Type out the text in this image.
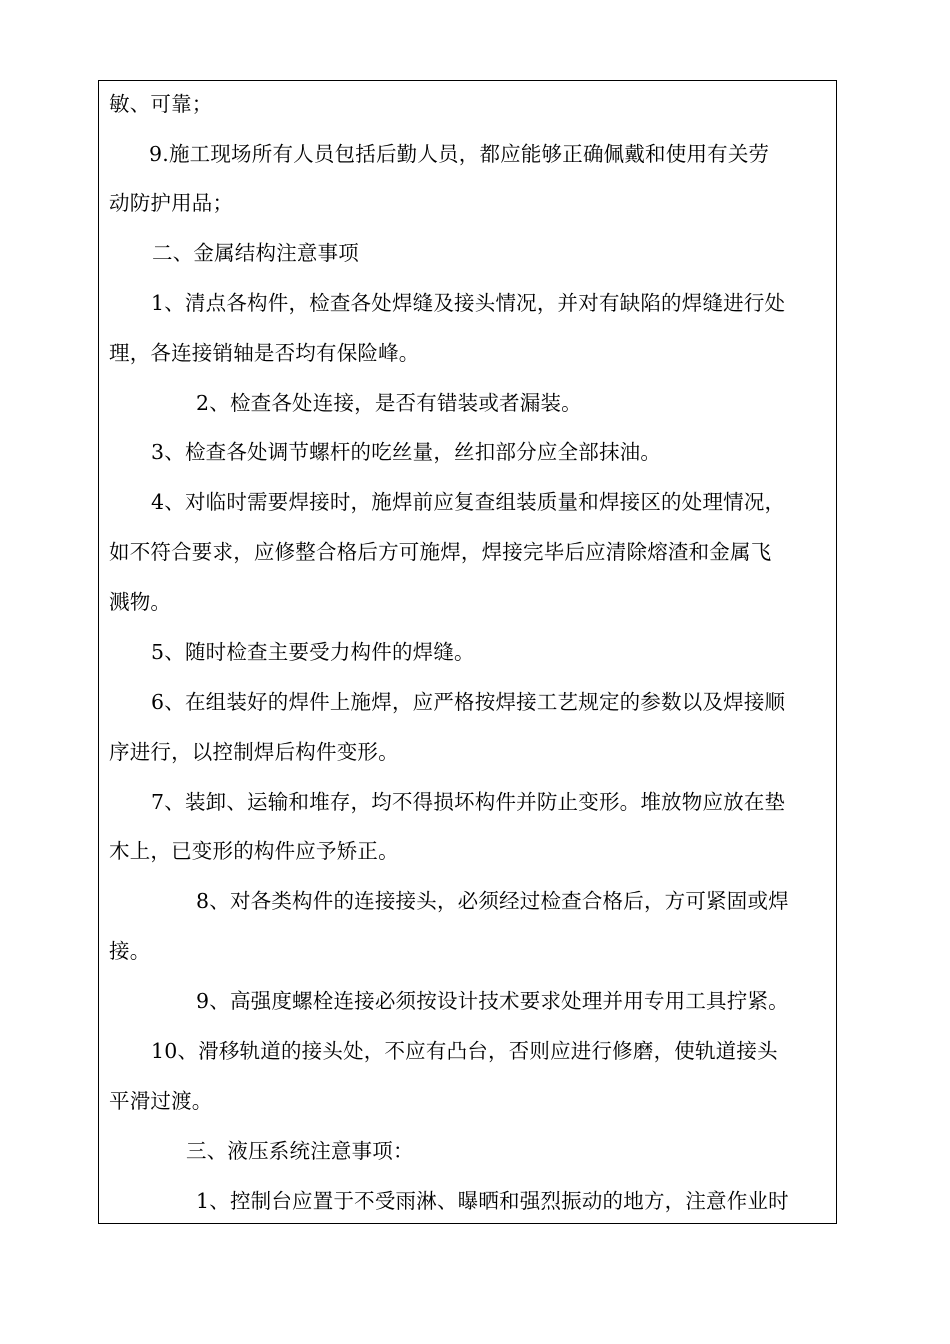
敏、可靠；
9.施工现场所有人员包括后勤人员，都应能够正确佩戴和使用有关劳
动防护用品；
二、金属结构注意事项
1、清点各构件，检查各处焊缝及接头情况，并对有缺陷的焊缝进行处
理，各连接销轴是否均有保险峰。
2、检查各处连接，是否有错装或者漏装。
3、检查各处调节螺杆的吃丝量，丝扣部分应全部抹油。
4、对临时需要焊接时，施焊前应复查组装质量和焊接区的处理情况，
如不符合要求，应修整合格后方可施焊，焊接完毕后应清除熔渣和金属飞
溅物。
5、随时检查主要受力构件的焊缝。
6、在组装好的焊件上施焊，应严格按焊接工艺规定的参数以及焊接顺
序进行，以控制焊后构件变形。
7、装卸、运输和堆存，均不得损坏构件并防止变形。堆放物应放在垫
木上，已变形的构件应予矫正。
8、对各类构件的连接接头，必须经过检查合格后，方可紧固或焊
接。
9、高强度螺栓连接必须按设计技术要求处理并用专用工具拧紧。
10、滑移轨道的接头处，不应有凸台，否则应进行修磨，使轨道接头
平滑过渡。
三、液压系统注意事项：
1、控制台应置于不受雨淋、曝晒和强烈振动的地方，注意作业时
